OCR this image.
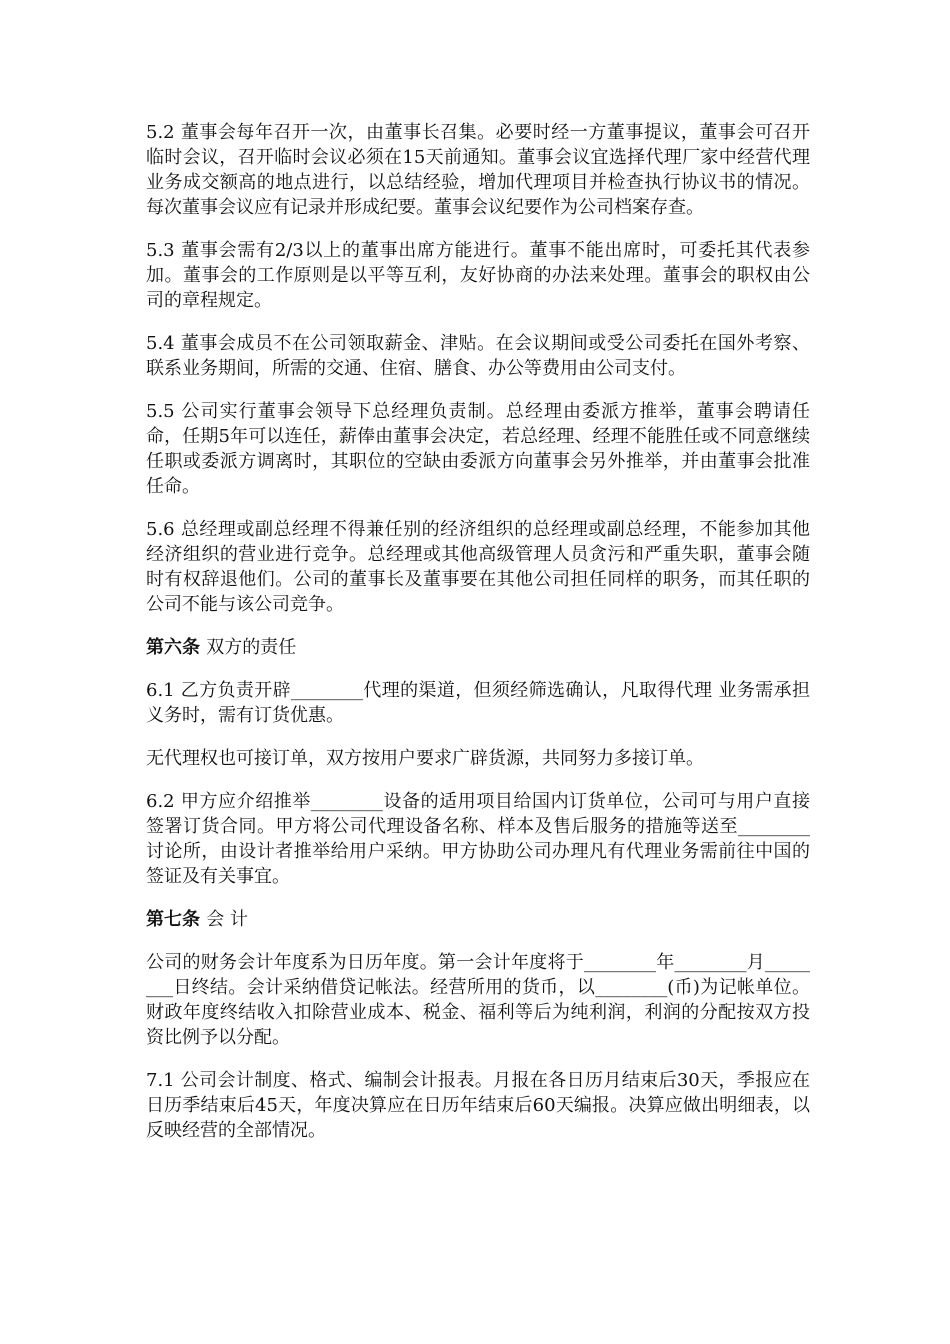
5.2 董事会每年召开一次，由董事长召集。必要时经一方董事提议，董事会可召开临时会议，召开临时会议必须在15天前通知。董事会议宜选择代理厂家中经营代理业务成交额高的地点进行，以总结经验，增加代理项目并检查执行协议书的情况。每次董事会议应有记录并形成纪要。董事会议纪要作为公司档案存查。

5.3 董事会需有2/3以上的董事出席方能进行。董事不能出席时，可委托其代表参加。董事会的工作原则是以平等互利，友好协商的办法来处理。董事会的职权由公司的章程规定。

5.4 董事会成员不在公司领取薪金、津贴。在会议期间或受公司委托在国外考察、联系业务期间，所需的交通、住宿、膳食、办公等费用由公司支付。

5.5 公司实行董事会领导下总经理负责制。总经理由委派方推举，董事会聘请任命，任期5年可以连任，薪俸由董事会决定，若总经理、经理不能胜任或不同意继续任职或委派方调离时，其职位的空缺由委派方向董事会另外推举，并由董事会批准任命。

5.6 总经理或副总经理不得兼任别的经济组织的总经理或副总经理，不能参加其他经济组织的营业进行竞争。总经理或其他高级管理人员贪污和严重失职，董事会随时有权辞退他们。公司的董事长及董事要在其他公司担任同样的职务，而其任职的公司不能与该公司竞争。

第六条 双方的责任

6.1 乙方负责开辟________代理的渠道，但须经筛选确认，凡取得代理 业务需承担义务时，需有订货优惠。

无代理权也可接订单，双方按用户要求广辟货源，共同努力多接订单。

6.2 甲方应介绍推举________设备的适用项目给国内订货单位，公司可与用户直接签署订货合同。甲方将公司代理设备名称、样本及售后服务的措施等送至________讨论所，由设计者推举给用户采纳。甲方协助公司办理凡有代理业务需前往中国的签证及有关事宜。

第七条 会 计

公司的财务会计年度系为日历年度。第一会计年度将于________年________月________日终结。会计采纳借贷记帐法。经营所用的货币，以________(币)为记帐单位。财政年度终结收入扣除营业成本、税金、福利等后为纯利润，利润的分配按双方投资比例予以分配。

7.1 公司会计制度、格式、编制会计报表。月报在各日历月结束后30天，季报应在日历季结束后45天，年度决算应在日历年结束后60天编报。决算应做出明细表，以反映经营的全部情况。
